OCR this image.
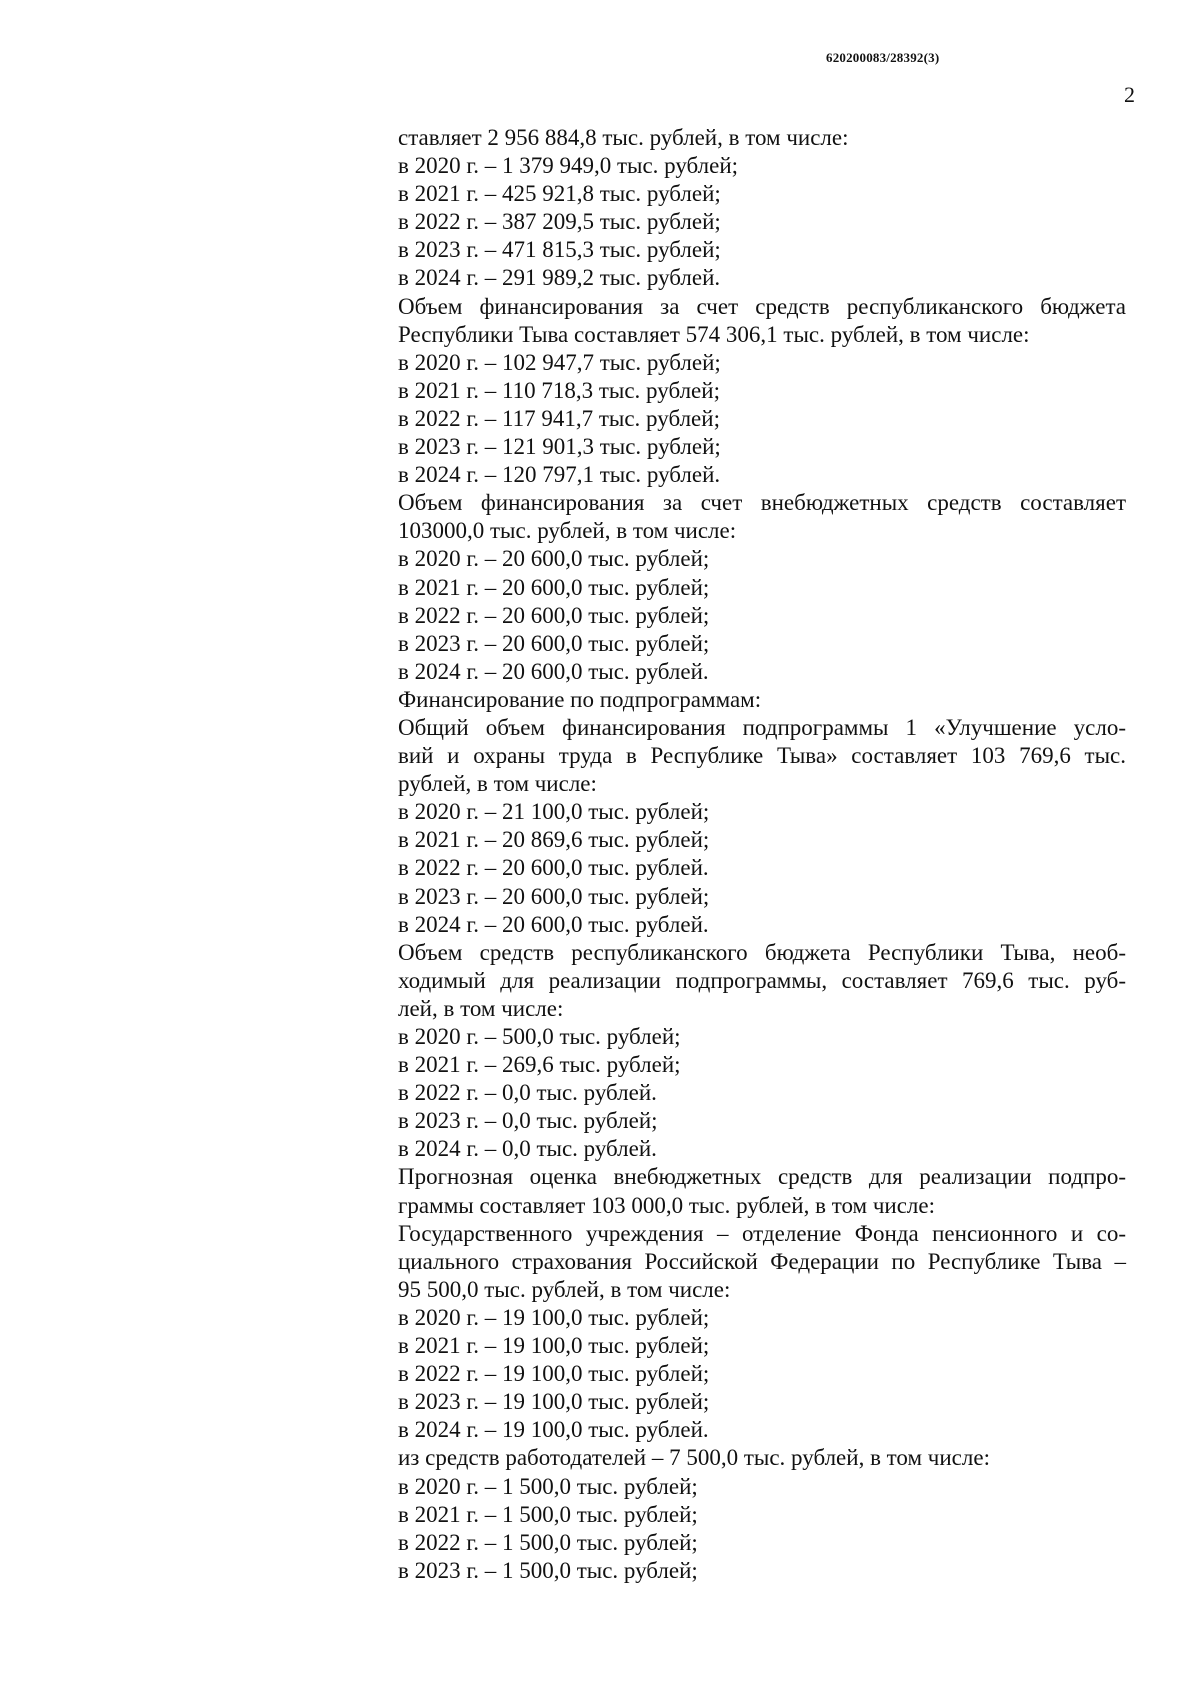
620200083/28392(3)
2
ставляет 2 956 884,8 тыс. рублей, в том числе:
в 2020 г. – 1 379 949,0 тыс. рублей;
в 2021 г. – 425 921,8 тыс. рублей;
в 2022 г. – 387 209,5 тыс. рублей;
в 2023 г. – 471 815,3 тыс. рублей;
в 2024 г. – 291 989,2 тыс. рублей.
Объем финансирования за счет средств республиканского бюджета
Республики Тыва составляет 574 306,1 тыс. рублей, в том числе:
в 2020 г. – 102 947,7 тыс. рублей;
в 2021 г. – 110 718,3 тыс. рублей;
в 2022 г. – 117 941,7 тыс. рублей;
в 2023 г. – 121 901,3 тыс. рублей;
в 2024 г. – 120 797,1 тыс. рублей.
Объем финансирования за счет внебюджетных средств составляет
103000,0 тыс. рублей, в том числе:
в 2020 г. – 20 600,0 тыс. рублей;
в 2021 г. – 20 600,0 тыс. рублей;
в 2022 г. – 20 600,0 тыс. рублей;
в 2023 г. – 20 600,0 тыс. рублей;
в 2024 г. – 20 600,0 тыс. рублей.
Финансирование по подпрограммам:
Общий объем финансирования подпрограммы 1 «Улучшение усло-
вий и охраны труда в Республике Тыва» составляет 103 769,6 тыс.
рублей, в том числе:
в 2020 г. – 21 100,0 тыс. рублей;
в 2021 г. – 20 869,6 тыс. рублей;
в 2022 г. – 20 600,0 тыс. рублей.
в 2023 г. – 20 600,0 тыс. рублей;
в 2024 г. – 20 600,0 тыс. рублей.
Объем средств республиканского бюджета Республики Тыва, необ-
ходимый для реализации подпрограммы, составляет 769,6 тыс. руб-
лей, в том числе:
в 2020 г. – 500,0 тыс. рублей;
в 2021 г. – 269,6 тыс. рублей;
в 2022 г. – 0,0 тыс. рублей.
в 2023 г. – 0,0 тыс. рублей;
в 2024 г. – 0,0 тыс. рублей.
Прогнозная оценка внебюджетных средств для реализации подпро-
граммы составляет 103 000,0 тыс. рублей, в том числе:
Государственного учреждения – отделение Фонда пенсионного и со-
циального страхования Российской Федерации по Республике Тыва –
95 500,0 тыс. рублей, в том числе:
в 2020 г. – 19 100,0 тыс. рублей;
в 2021 г. – 19 100,0 тыс. рублей;
в 2022 г. – 19 100,0 тыс. рублей;
в 2023 г. – 19 100,0 тыс. рублей;
в 2024 г. – 19 100,0 тыс. рублей.
из средств работодателей – 7 500,0 тыс. рублей, в том числе:
в 2020 г. – 1 500,0 тыс. рублей;
в 2021 г. – 1 500,0 тыс. рублей;
в 2022 г. – 1 500,0 тыс. рублей;
в 2023 г. – 1 500,0 тыс. рублей;
